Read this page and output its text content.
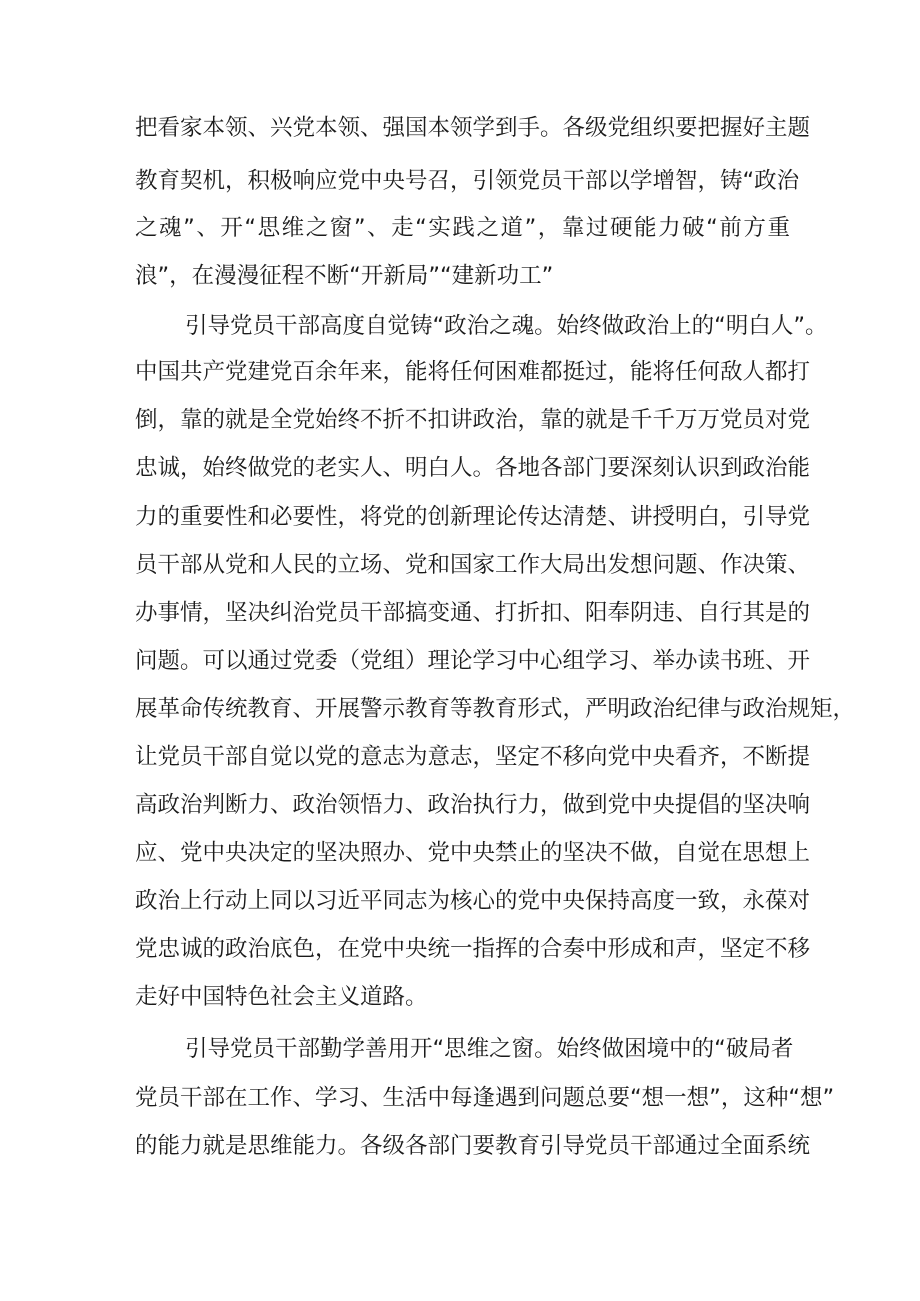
把看家本领、兴党本领、强国本领学到手。各级党组织要把握好主题
教育契机，积极响应党中央号召，引领党员干部以学增智，铸“政治
之魂”、开“思维之窗”、走“实践之道”，靠过硬能力破“前方重
浪”，在漫漫征程不断“开新局”“建新功工”
引导党员干部高度自觉铸“政治之魂。始终做政治上的“明白人”。
中国共产党建党百余年来，能将任何困难都挺过，能将任何敌人都打
倒，靠的就是全党始终不折不扣讲政治，靠的就是千千万万党员对党
忠诚，始终做党的老实人、明白人。各地各部门要深刻认识到政治能
力的重要性和必要性，将党的创新理论传达清楚、讲授明白，引导党
员干部从党和人民的立场、党和国家工作大局出发想问题、作决策、
办事情，坚决纠治党员干部搞变通、打折扣、阳奉阴违、自行其是的
问题。可以通过党委（党组）理论学习中心组学习、举办读书班、开
展革命传统教育、开展警示教育等教育形式，严明政治纪律与政治规矩，
让党员干部自觉以党的意志为意志，坚定不移向党中央看齐，不断提
高政治判断力、政治领悟力、政治执行力，做到党中央提倡的坚决响
应、党中央决定的坚决照办、党中央禁止的坚决不做，自觉在思想上
政治上行动上同以习近平同志为核心的党中央保持高度一致，永葆对
党忠诚的政治底色，在党中央统一指挥的合奏中形成和声，坚定不移
走好中国特色社会主义道路。
引导党员干部勤学善用开“思维之窗。始终做困境中的“破局者
党员干部在工作、学习、生活中每逢遇到问题总要“想一想”，这种“想”
的能力就是思维能力。各级各部门要教育引导党员干部通过全面系统
